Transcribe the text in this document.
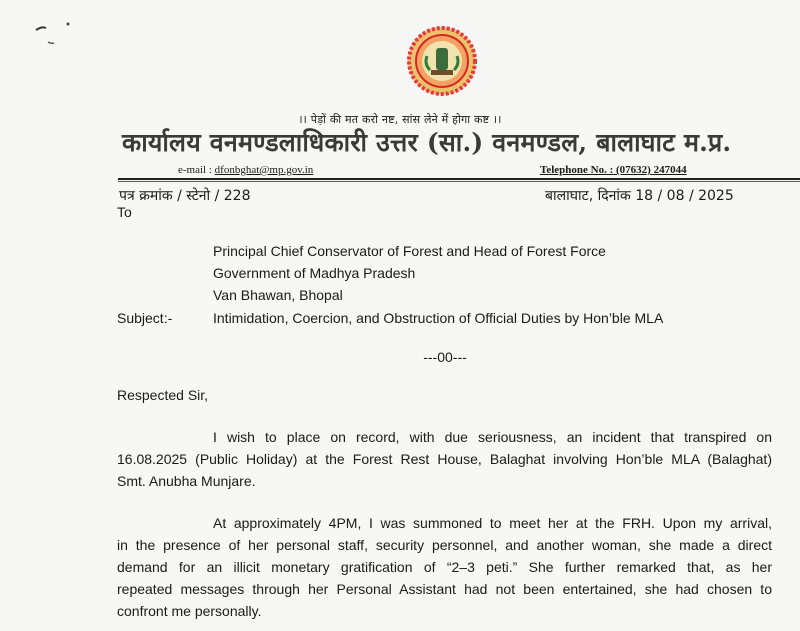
।। पेड़ों की मत करो नष्ट, सांस लेने में होगा कष्ट ।।
कार्यालय वनमण्डलाधिकारी उत्तर (सा.) वनमण्डल, बालाघाट म.प्र.
e-mail : dfonbghat@mp.gov.in	Telephone No. : (07632) 247044
पत्र क्रमांक / स्टेनो / 228	बालाघाट, दिनांक 18 / 08 / 2025
To
Principal Chief Conservator of Forest and Head of Forest Force
Government of Madhya Pradesh
Van Bhawan, Bhopal
Subject:-	Intimidation, Coercion, and Obstruction of Official Duties by Hon’ble MLA
---00---
Respected Sir,
I wish to place on record, with due seriousness, an incident that transpired on
16.08.2025 (Public Holiday) at the Forest Rest House, Balaghat involving Hon’ble MLA (Balaghat)
Smt. Anubha Munjare.
At approximately 4PM, I was summoned to meet her at the FRH. Upon my arrival,
in the presence of her personal staff, security personnel, and another woman, she made a direct
demand for an illicit monetary gratification of “2–3 peti.” She further remarked that, as her
repeated messages through her Personal Assistant had not been entertained, she had chosen to
confront me personally.
